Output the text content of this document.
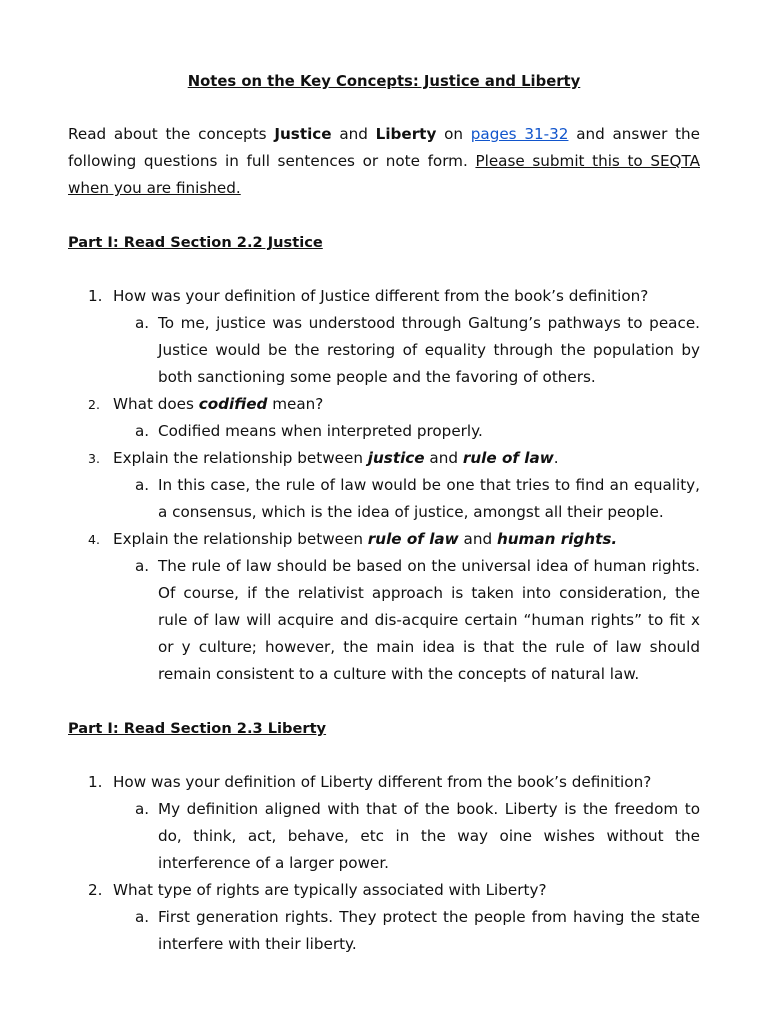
Notes on the Key Concepts: Justice and Liberty
Read about the concepts Justice and Liberty on pages 31-32 and answer the following questions in full sentences or note form. Please submit this to SEQTA when you are finished.
Part I: Read Section 2.2 Justice
1. How was your definition of Justice different from the book’s definition?
a. To me, justice was understood through Galtung’s pathways to peace. Justice would be the restoring of equality through the population by both sanctioning some people and the favoring of others.
2. What does codified mean?
a. Codified means when interpreted properly.
3. Explain the relationship between justice and rule of law.
a. In this case, the rule of law would be one that tries to find an equality, a consensus, which is the idea of justice, amongst all their people.
4. Explain the relationship between rule of law and human rights.
a. The rule of law should be based on the universal idea of human rights. Of course, if the relativist approach is taken into consideration, the rule of law will acquire and dis-acquire certain “human rights” to fit x or y culture; however, the main idea is that the rule of law should remain consistent to a culture with the concepts of natural law.
Part I: Read Section 2.3 Liberty
1. How was your definition of Liberty different from the book’s definition?
a. My definition aligned with that of the book. Liberty is the freedom to do, think, act, behave, etc in the way oine wishes without the interference of a larger power.
2. What type of rights are typically associated with Liberty?
a. First generation rights. They protect the people from having the state interfere with their liberty.
